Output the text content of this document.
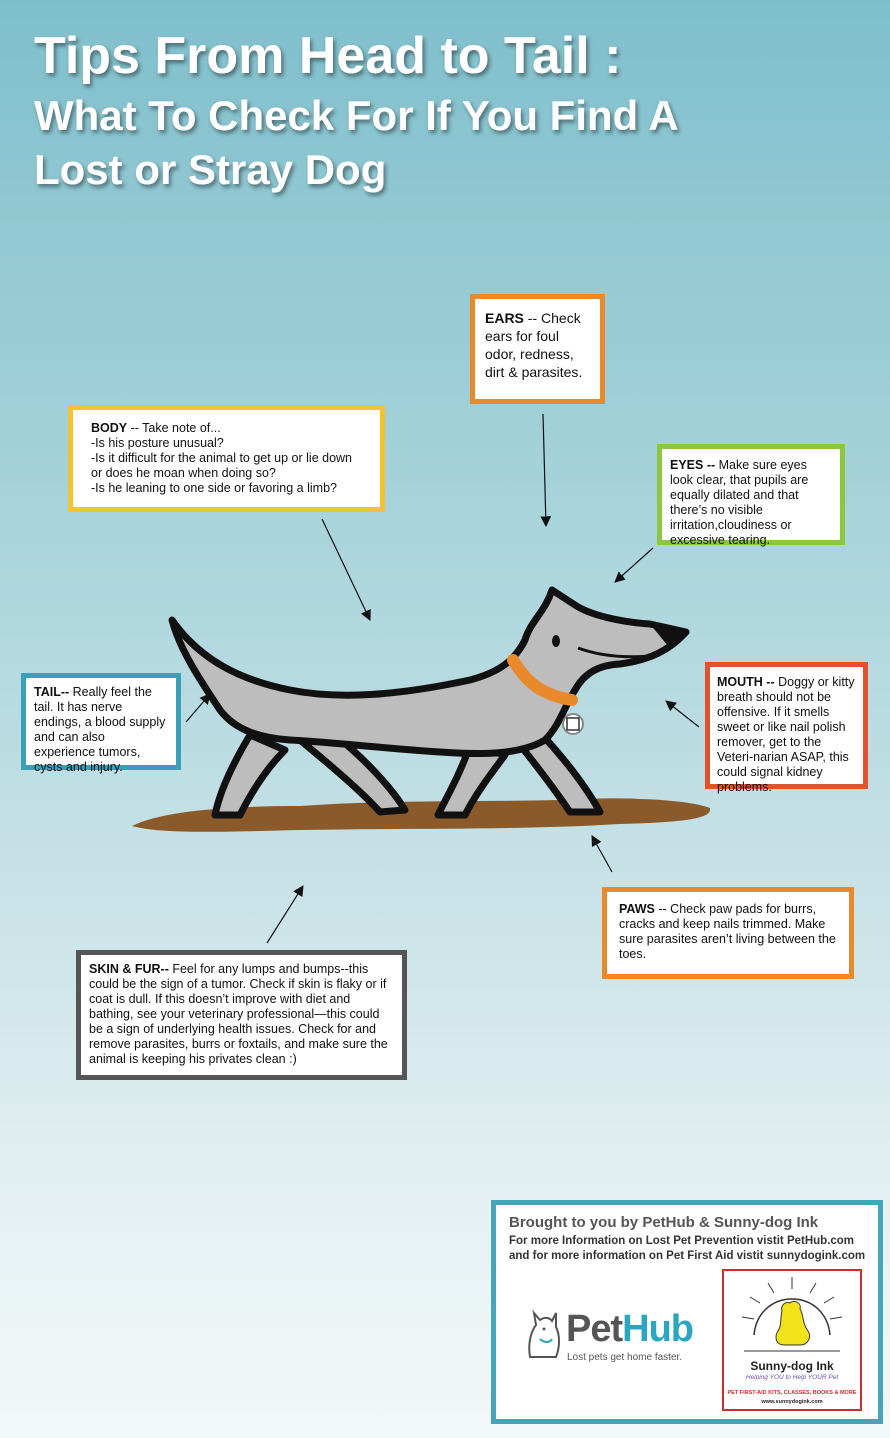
Tips From Head to Tail :
What To Check For If You Find A
Lost or Stray Dog
EARS -- Check ears for foul odor, redness, dirt & parasites.
BODY -- Take note of...
-Is his posture unusual?
-Is it difficult for the animal to get up or lie down or does he moan when doing so?
-Is he leaning to one side or favoring a limb?
EYES -- Make sure eyes look clear, that pupils are equally dilated and that there’s no visible irritation,cloudiness or excessive tearing.
TAIL-- Really feel the tail. It has nerve endings, a blood supply and can also experience tumors, cysts and injury.
MOUTH -- Doggy or kitty breath should not be offensive. If it smells sweet or like nail polish remover, get to the Veteri-narian ASAP, this could signal kidney problems.
PAWS -- Check paw pads for burrs, cracks and keep nails trimmed. Make sure parasites aren’t living between the toes.
SKIN & FUR-- Feel for any lumps and bumps--this could be the sign of a tumor. Check if skin is flaky or if coat is dull. If this doesn’t improve with diet and bathing, see your veterinary professional—this could be a sign of underlying health issues. Check for and remove parasites, burrs or foxtails, and make sure the animal is keeping his privates clean :)
Brought to you by PetHub & Sunny-dog Ink
For more Information on Lost Pet Prevention vistit PetHub.com
and for more information on Pet First Aid vistit sunnydogink.com
PetHub
Lost pets get home faster.
Sunny-dog Ink
Helping YOU to Help YOUR Pet
PET FIRST-AID KITS, CLASSES, BOOKS & MORE
www.sunnydogink.com
